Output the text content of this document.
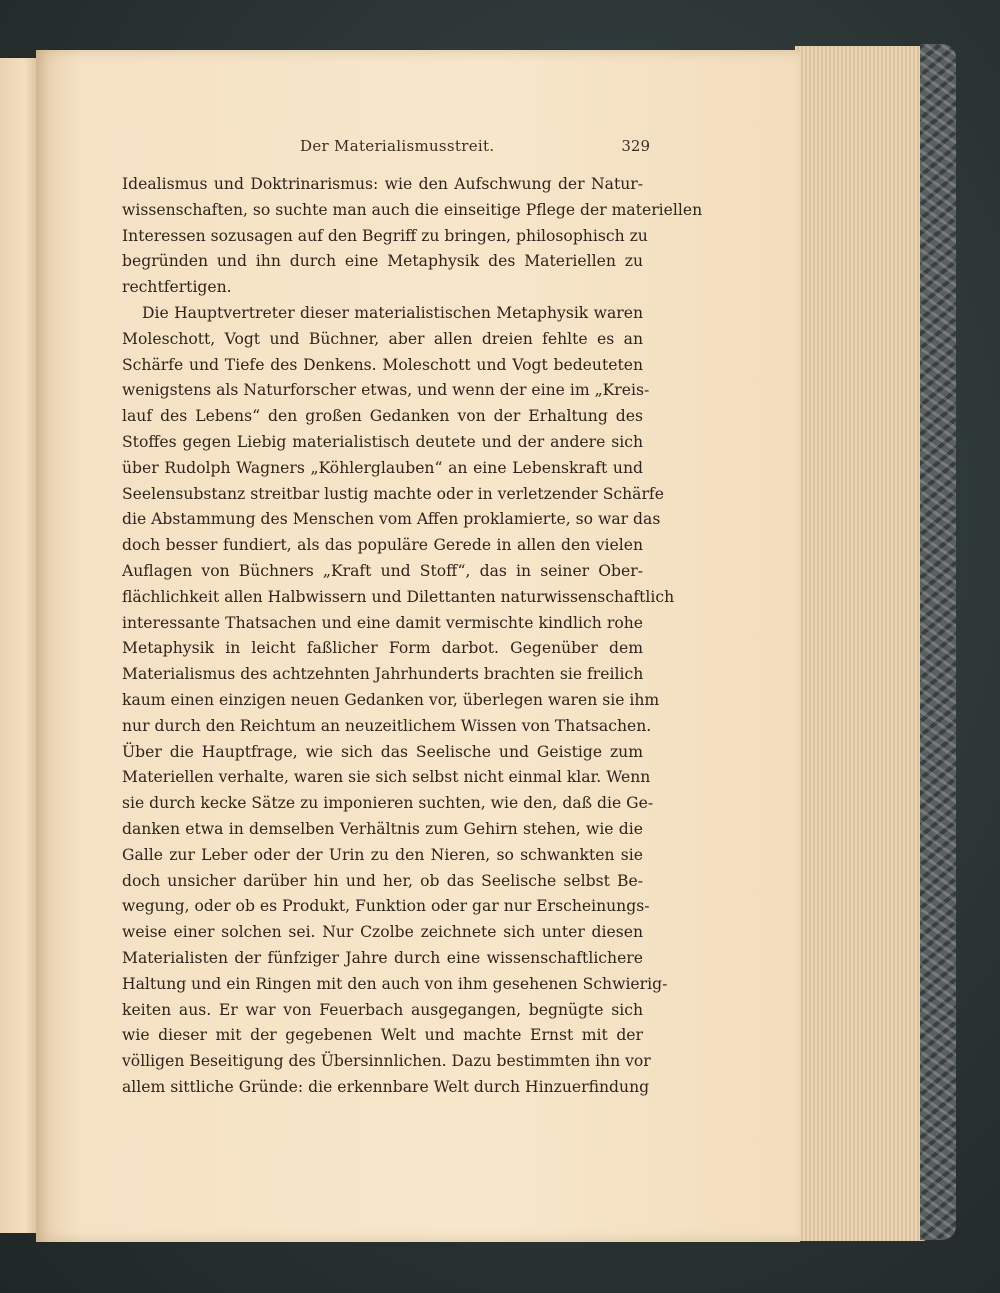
Der Materialismusstreit.	329
Idealismus und Doktrinarismus: wie den Aufschwung der Natur-
wissenschaften, so suchte man auch die einseitige Pflege der materiellen
Interessen sozusagen auf den Begriff zu bringen, philosophisch zu
begründen und ihn durch eine Metaphysik des Materiellen zu
rechtfertigen.
Die Hauptvertreter dieser materialistischen Metaphysik waren
Moleschott, Vogt und Büchner, aber allen dreien fehlte es an
Schärfe und Tiefe des Denkens. Moleschott und Vogt bedeuteten
wenigstens als Naturforscher etwas, und wenn der eine im „Kreis-
lauf des Lebens“ den großen Gedanken von der Erhaltung des
Stoffes gegen Liebig materialistisch deutete und der andere sich
über Rudolph Wagners „Köhlerglauben“ an eine Lebenskraft und
Seelensubstanz streitbar lustig machte oder in verletzender Schärfe
die Abstammung des Menschen vom Affen proklamierte, so war das
doch besser fundiert, als das populäre Gerede in allen den vielen
Auflagen von Büchners „Kraft und Stoff“, das in seiner Ober-
flächlichkeit allen Halbwissern und Dilettanten naturwissenschaftlich
interessante Thatsachen und eine damit vermischte kindlich rohe
Metaphysik in leicht faßlicher Form darbot. Gegenüber dem
Materialismus des achtzehnten Jahrhunderts brachten sie freilich
kaum einen einzigen neuen Gedanken vor, überlegen waren sie ihm
nur durch den Reichtum an neuzeitlichem Wissen von Thatsachen.
Über die Hauptfrage, wie sich das Seelische und Geistige zum
Materiellen verhalte, waren sie sich selbst nicht einmal klar. Wenn
sie durch kecke Sätze zu imponieren suchten, wie den, daß die Ge-
danken etwa in demselben Verhältnis zum Gehirn stehen, wie die
Galle zur Leber oder der Urin zu den Nieren, so schwankten sie
doch unsicher darüber hin und her, ob das Seelische selbst Be-
wegung, oder ob es Produkt, Funktion oder gar nur Erscheinungs-
weise einer solchen sei. Nur Czolbe zeichnete sich unter diesen
Materialisten der fünfziger Jahre durch eine wissenschaftlichere
Haltung und ein Ringen mit den auch von ihm gesehenen Schwierig-
keiten aus. Er war von Feuerbach ausgegangen, begnügte sich
wie dieser mit der gegebenen Welt und machte Ernst mit der
völligen Beseitigung des Übersinnlichen. Dazu bestimmten ihn vor
allem sittliche Gründe: die erkennbare Welt durch Hinzuerfindung
